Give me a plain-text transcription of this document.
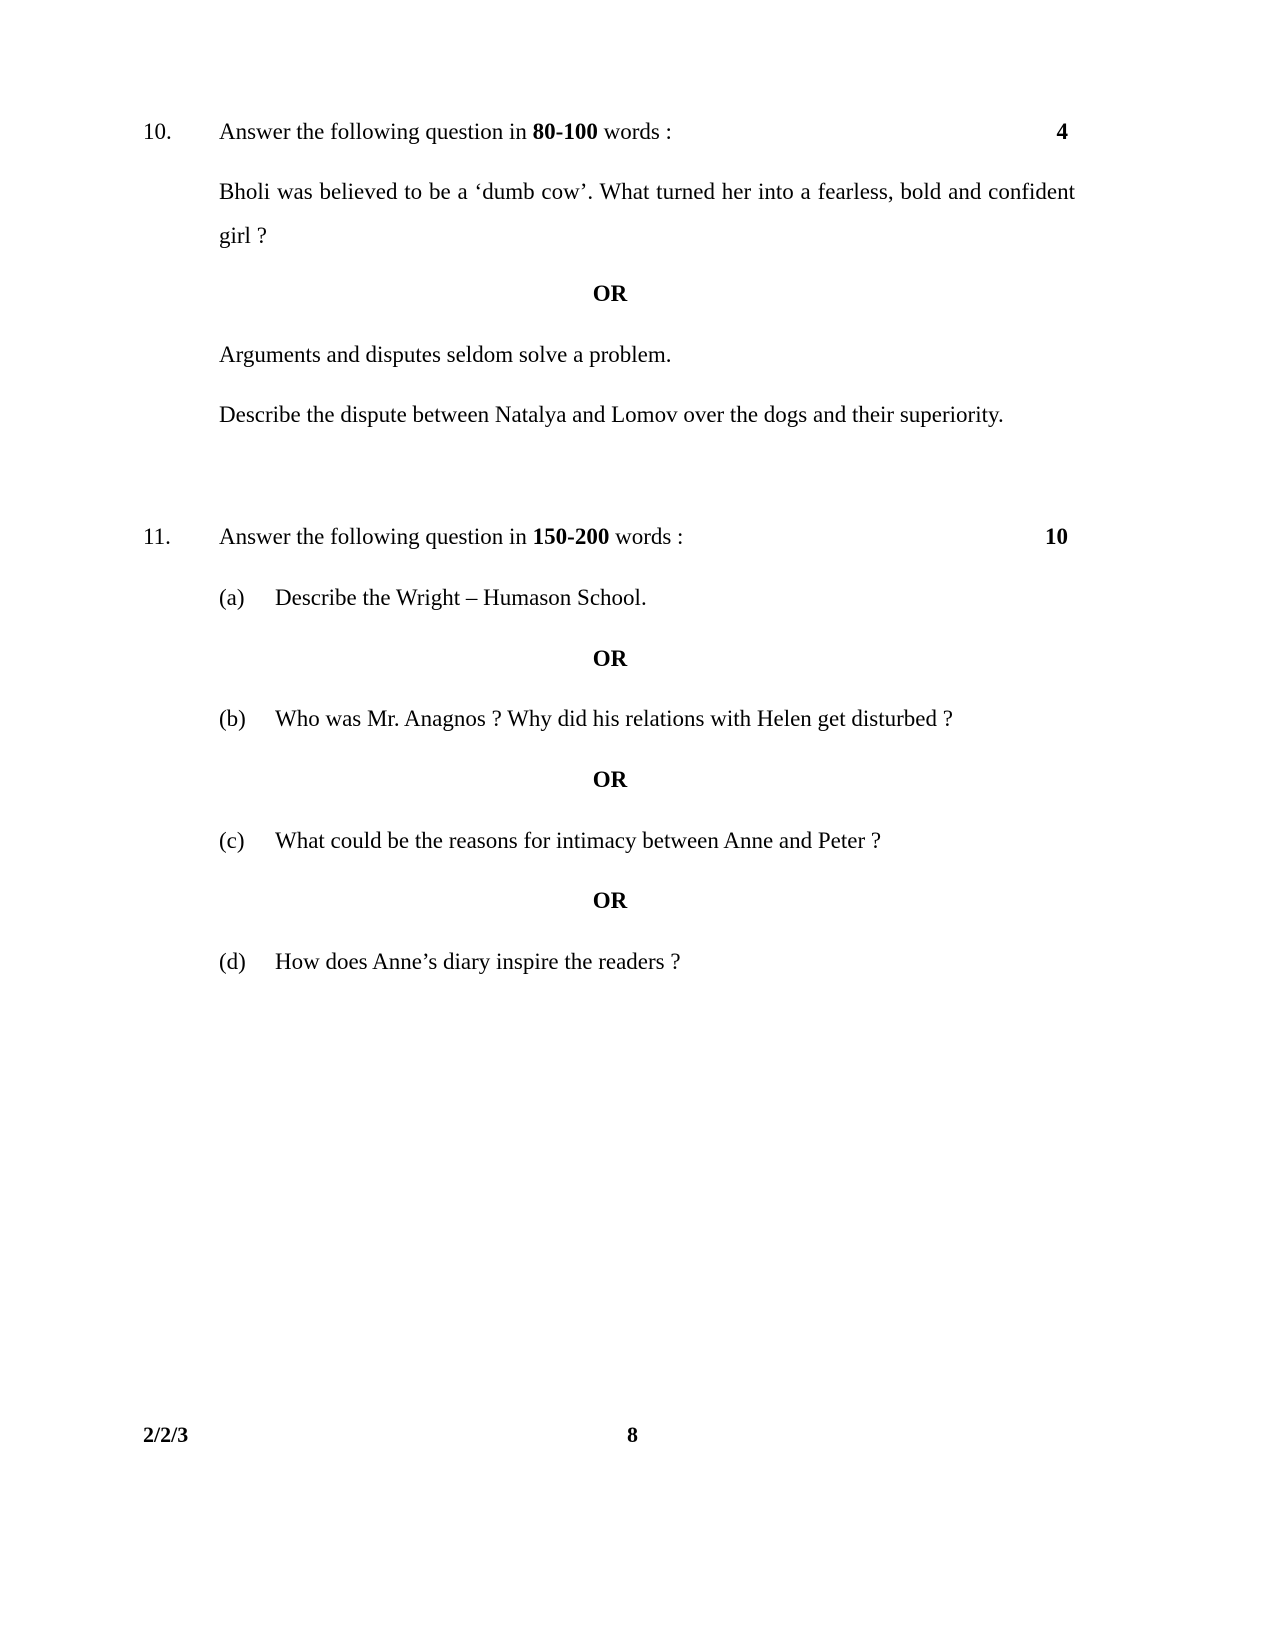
10. Answer the following question in 80-100 words :	4
Bholi was believed to be a ‘dumb cow’. What turned her into a fearless, bold and confident girl ?
OR
Arguments and disputes seldom solve a problem.
Describe the dispute between Natalya and Lomov over the dogs and their superiority.
11. Answer the following question in 150-200 words :	10
(a) Describe the Wright – Humason School.
OR
(b) Who was Mr. Anagnos ? Why did his relations with Helen get disturbed ?
OR
(c) What could be the reasons for intimacy between Anne and Peter ?
OR
(d) How does Anne’s diary inspire the readers ?
2/2/3	8
